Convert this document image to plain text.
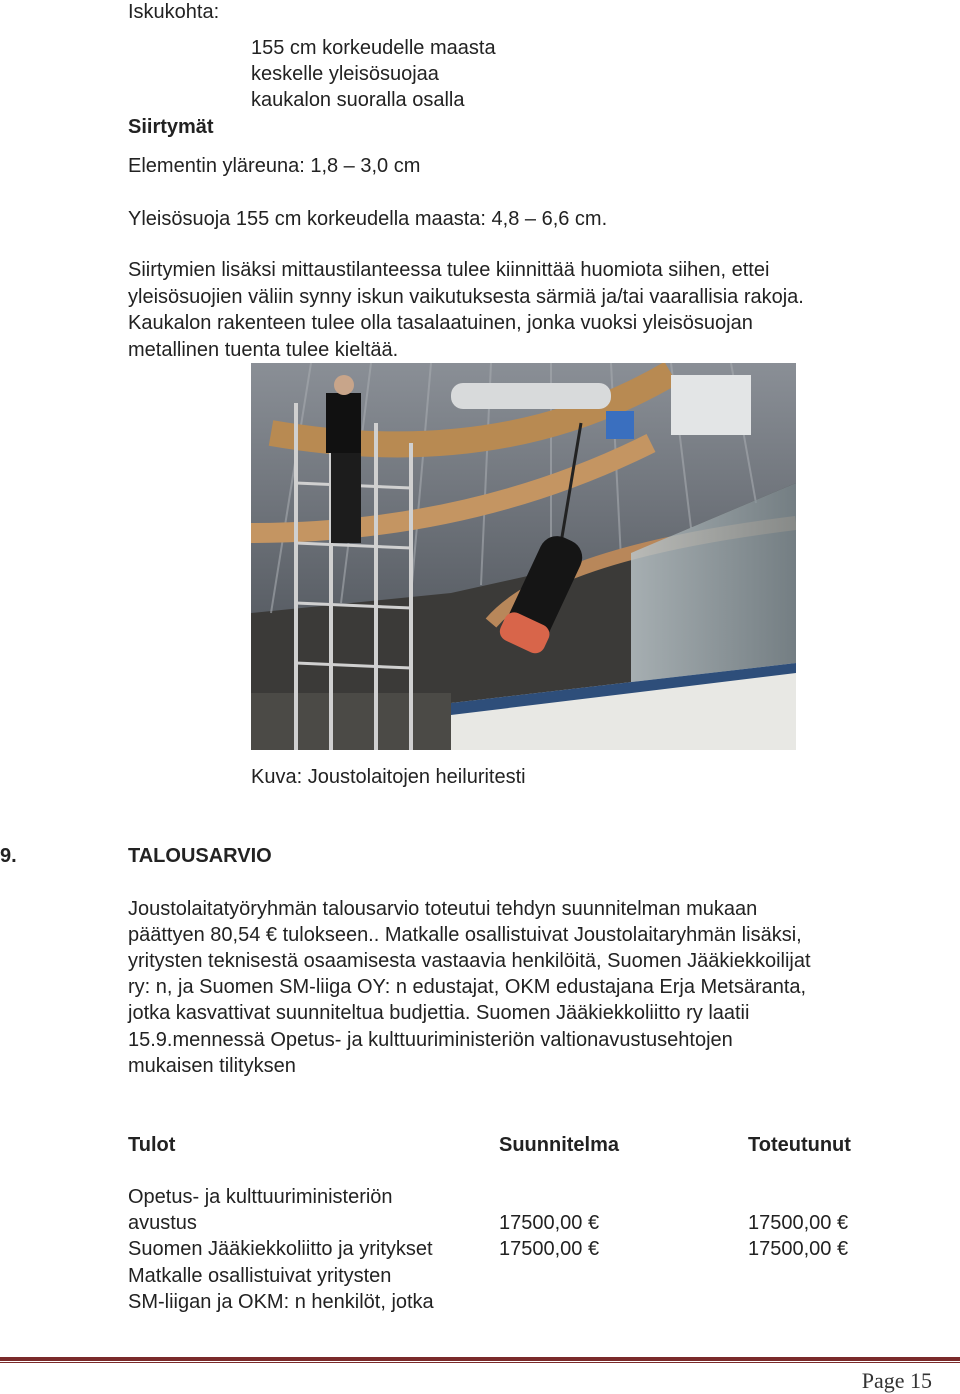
Iskukohta:
155 cm korkeudelle maasta
keskelle yleisösuojaa
kaukalon suoralla osalla
Siirtymät
Elementin yläreuna: 1,8 – 3,0 cm
Yleisösuoja 155 cm korkeudella maasta: 4,8 – 6,6 cm.
Siirtymien lisäksi mittaustilanteessa tulee kiinnittää huomiota siihen, ettei
yleisösuojien väliin synny iskun vaikutuksesta särmiä ja/tai vaarallisia rakoja.
Kaukalon rakenteen tulee olla tasalaatuinen, jonka vuoksi yleisösuojan
metallinen tuenta tulee kieltää.
Kuva: Joustolaitojen heiluritesti
9.	TALOUSARVIO
Joustolaitatyöryhmän talousarvio toteutui tehdyn suunnitelman mukaan
päättyen 80,54 € tulokseen.. Matkalle osallistuivat Joustolaitaryhmän lisäksi,
yritysten teknisestä osaamisesta vastaavia henkilöitä, Suomen Jääkiekkoilijat
ry: n, ja Suomen SM-liiga OY: n edustajat, OKM edustajana Erja Metsäranta,
jotka kasvattivat suunniteltua budjettia. Suomen Jääkiekkoliitto ry laatii
15.9.mennessä Opetus- ja kulttuuriministeriön valtionavustusehtojen
mukaisen tilityksen
Tulot	Suunnitelma	Toteutunut
Opetus- ja kulttuuriministeriön
avustus	17500,00 €	17500,00 €
Suomen Jääkiekkoliitto ja yritykset	17500,00 €	17500,00 €
Matkalle osallistuivat yritysten
SM-liigan ja OKM: n henkilöt, jotka
Page 15
